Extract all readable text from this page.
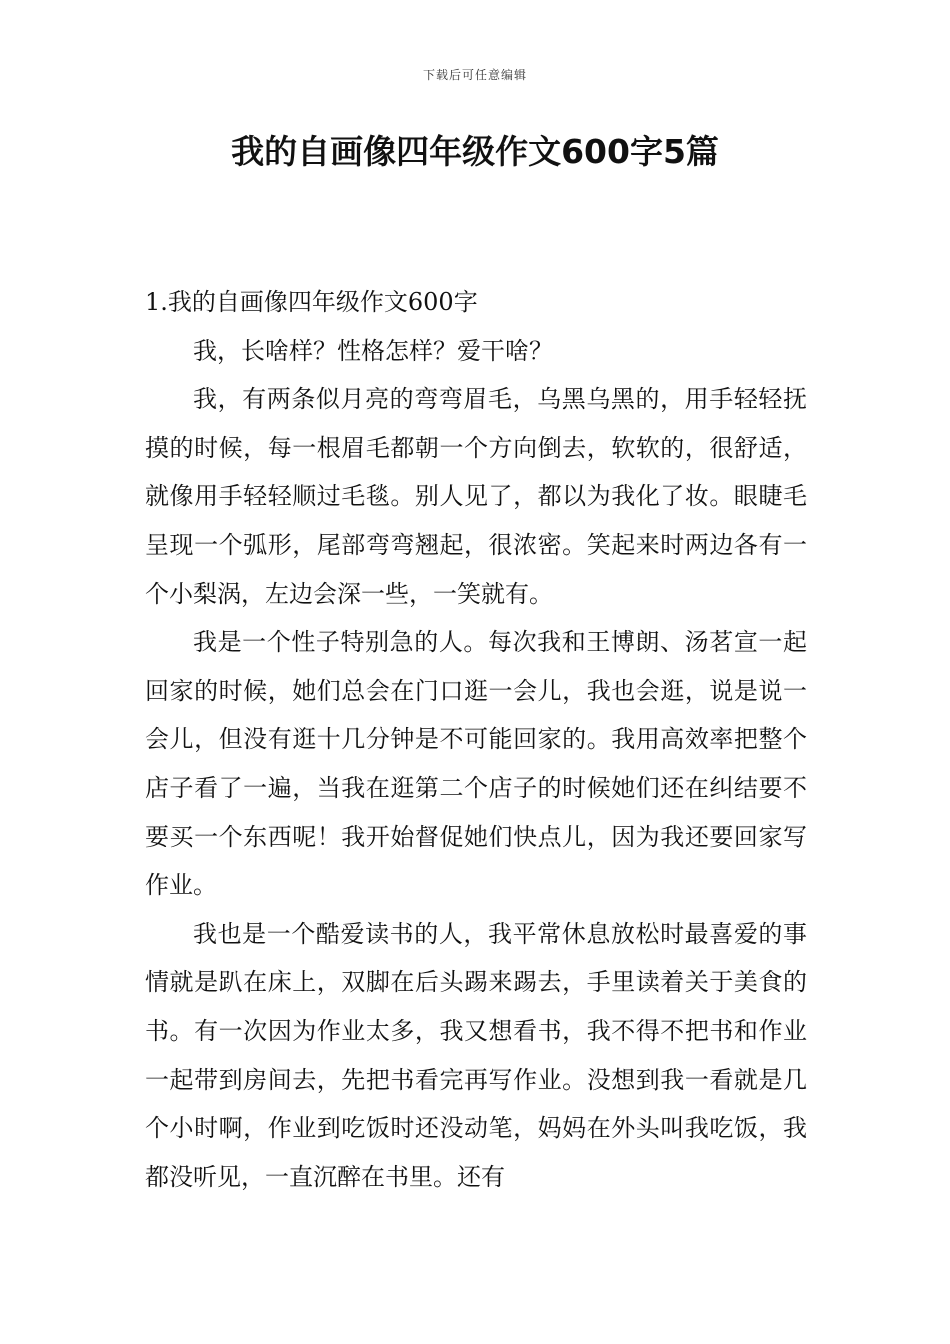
下载后可任意编辑
我的自画像四年级作文600字5篇
1.我的自画像四年级作文600字

我，长啥样？性格怎样？爱干啥？

我，有两条似月亮的弯弯眉毛，乌黑乌黑的，用手轻轻抚摸的时候，每一根眉毛都朝一个方向倒去，软软的，很舒适，就像用手轻轻顺过毛毯。别人见了，都以为我化了妆。眼睫毛呈现一个弧形，尾部弯弯翘起，很浓密。笑起来时两边各有一个小梨涡，左边会深一些，一笑就有。

我是一个性子特别急的人。每次我和王博朗、汤茗宣一起回家的时候，她们总会在门口逛一会儿，我也会逛，说是说一会儿，但没有逛十几分钟是不可能回家的。我用高效率把整个店子看了一遍，当我在逛第二个店子的时候她们还在纠结要不要买一个东西呢！我开始督促她们快点儿，因为我还要回家写作业。

我也是一个酷爱读书的人，我平常休息放松时最喜爱的事情就是趴在床上，双脚在后头踢来踢去，手里读着关于美食的书。有一次因为作业太多，我又想看书，我不得不把书和作业一起带到房间去，先把书看完再写作业。没想到我一看就是几个小时啊，作业到吃饭时还没动笔，妈妈在外头叫我吃饭，我都没听见，一直沉醉在书里。还有
